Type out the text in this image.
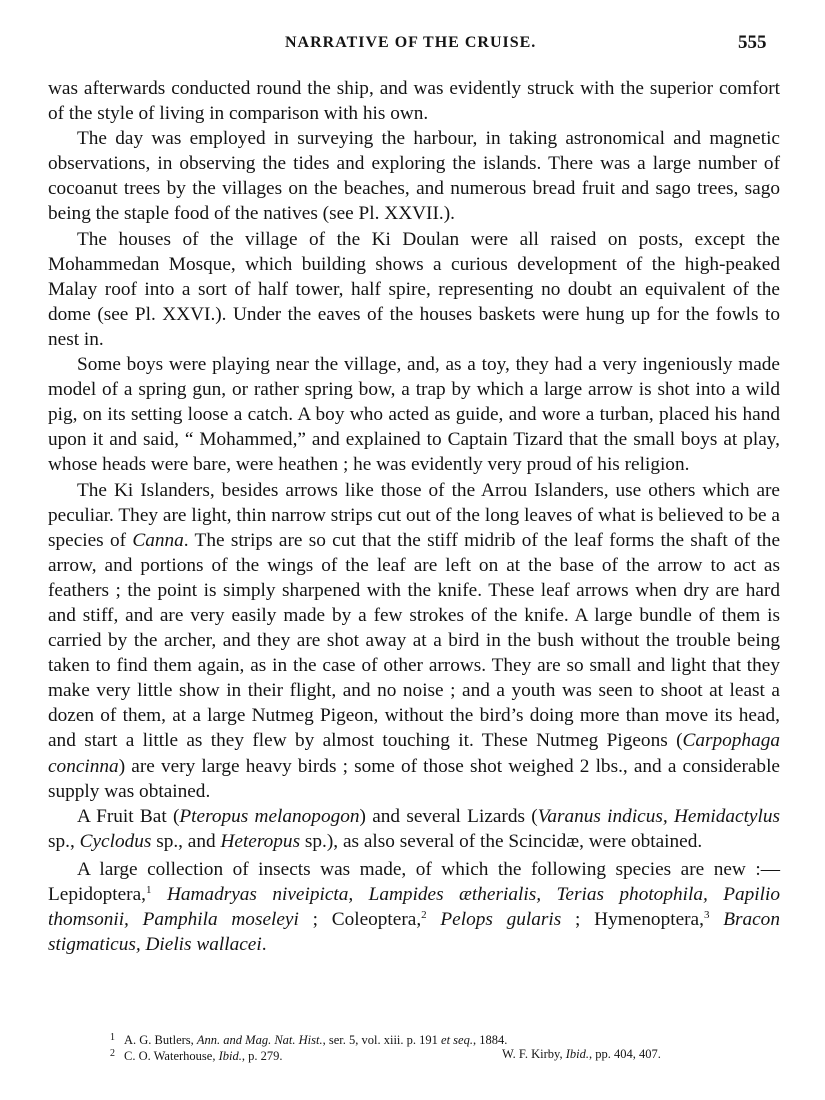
NARRATIVE OF THE CRUISE.	555

was afterwards conducted round the ship, and was evidently struck with the superior comfort of the style of living in comparison with his own.

The day was employed in surveying the harbour, in taking astronomical and magnetic observations, in observing the tides and exploring the islands. There was a large number of cocoanut trees by the villages on the beaches, and numerous bread fruit and sago trees, sago being the staple food of the natives (see Pl. XXVII.).

The houses of the village of the Ki Doulan were all raised on posts, except the Mohammedan Mosque, which building shows a curious development of the high-peaked Malay roof into a sort of half tower, half spire, representing no doubt an equivalent of the dome (see Pl. XXVI.). Under the eaves of the houses baskets were hung up for the fowls to nest in.

Some boys were playing near the village, and, as a toy, they had a very ingeniously made model of a spring gun, or rather spring bow, a trap by which a large arrow is shot into a wild pig, on its setting loose a catch. A boy who acted as guide, and wore a turban, placed his hand upon it and said, “ Mohammed,” and explained to Captain Tizard that the small boys at play, whose heads were bare, were heathen ; he was evidently very proud of his religion.

The Ki Islanders, besides arrows like those of the Arrou Islanders, use others which are peculiar. They are light, thin narrow strips cut out of the long leaves of what is believed to be a species of Canna. The strips are so cut that the stiff midrib of the leaf forms the shaft of the arrow, and portions of the wings of the leaf are left on at the base of the arrow to act as feathers ; the point is simply sharpened with the knife. These leaf arrows when dry are hard and stiff, and are very easily made by a few strokes of the knife. A large bundle of them is carried by the archer, and they are shot away at a bird in the bush without the trouble being taken to find them again, as in the case of other arrows. They are so small and light that they make very little show in their flight, and no noise ; and a youth was seen to shoot at least a dozen of them, at a large Nutmeg Pigeon, without the bird’s doing more than move its head, and start a little as they flew by almost touching it. These Nutmeg Pigeons (Carpophaga concinna) are very large heavy birds ; some of those shot weighed 2 lbs., and a considerable supply was obtained.

A Fruit Bat (Pteropus melanopogon) and several Lizards (Varanus indicus, Hemidactylus sp., Cyclodus sp., and Heteropus sp.), as also several of the Scincidæ, were obtained.

A large collection of insects was made, of which the following species are new :— Lepidoptera,$^1$ Hamadryas niveipicta, Lampides ætherialis, Terias photophila, Papilio thomsonii, Pamphila moseleyi ; Coleoptera,$^2$ Pelops gularis ; Hymenoptera,$^3$ Bracon stigmaticus, Dielis wallacei.

1 A. G. Butlers, Ann. and Mag. Nat. Hist., ser. 5, vol. xiii. p. 191 et seq., 1884.
2 C. O. Waterhouse, Ibid., p. 279.	W. F. Kirby, Ibid., pp. 404, 407.
